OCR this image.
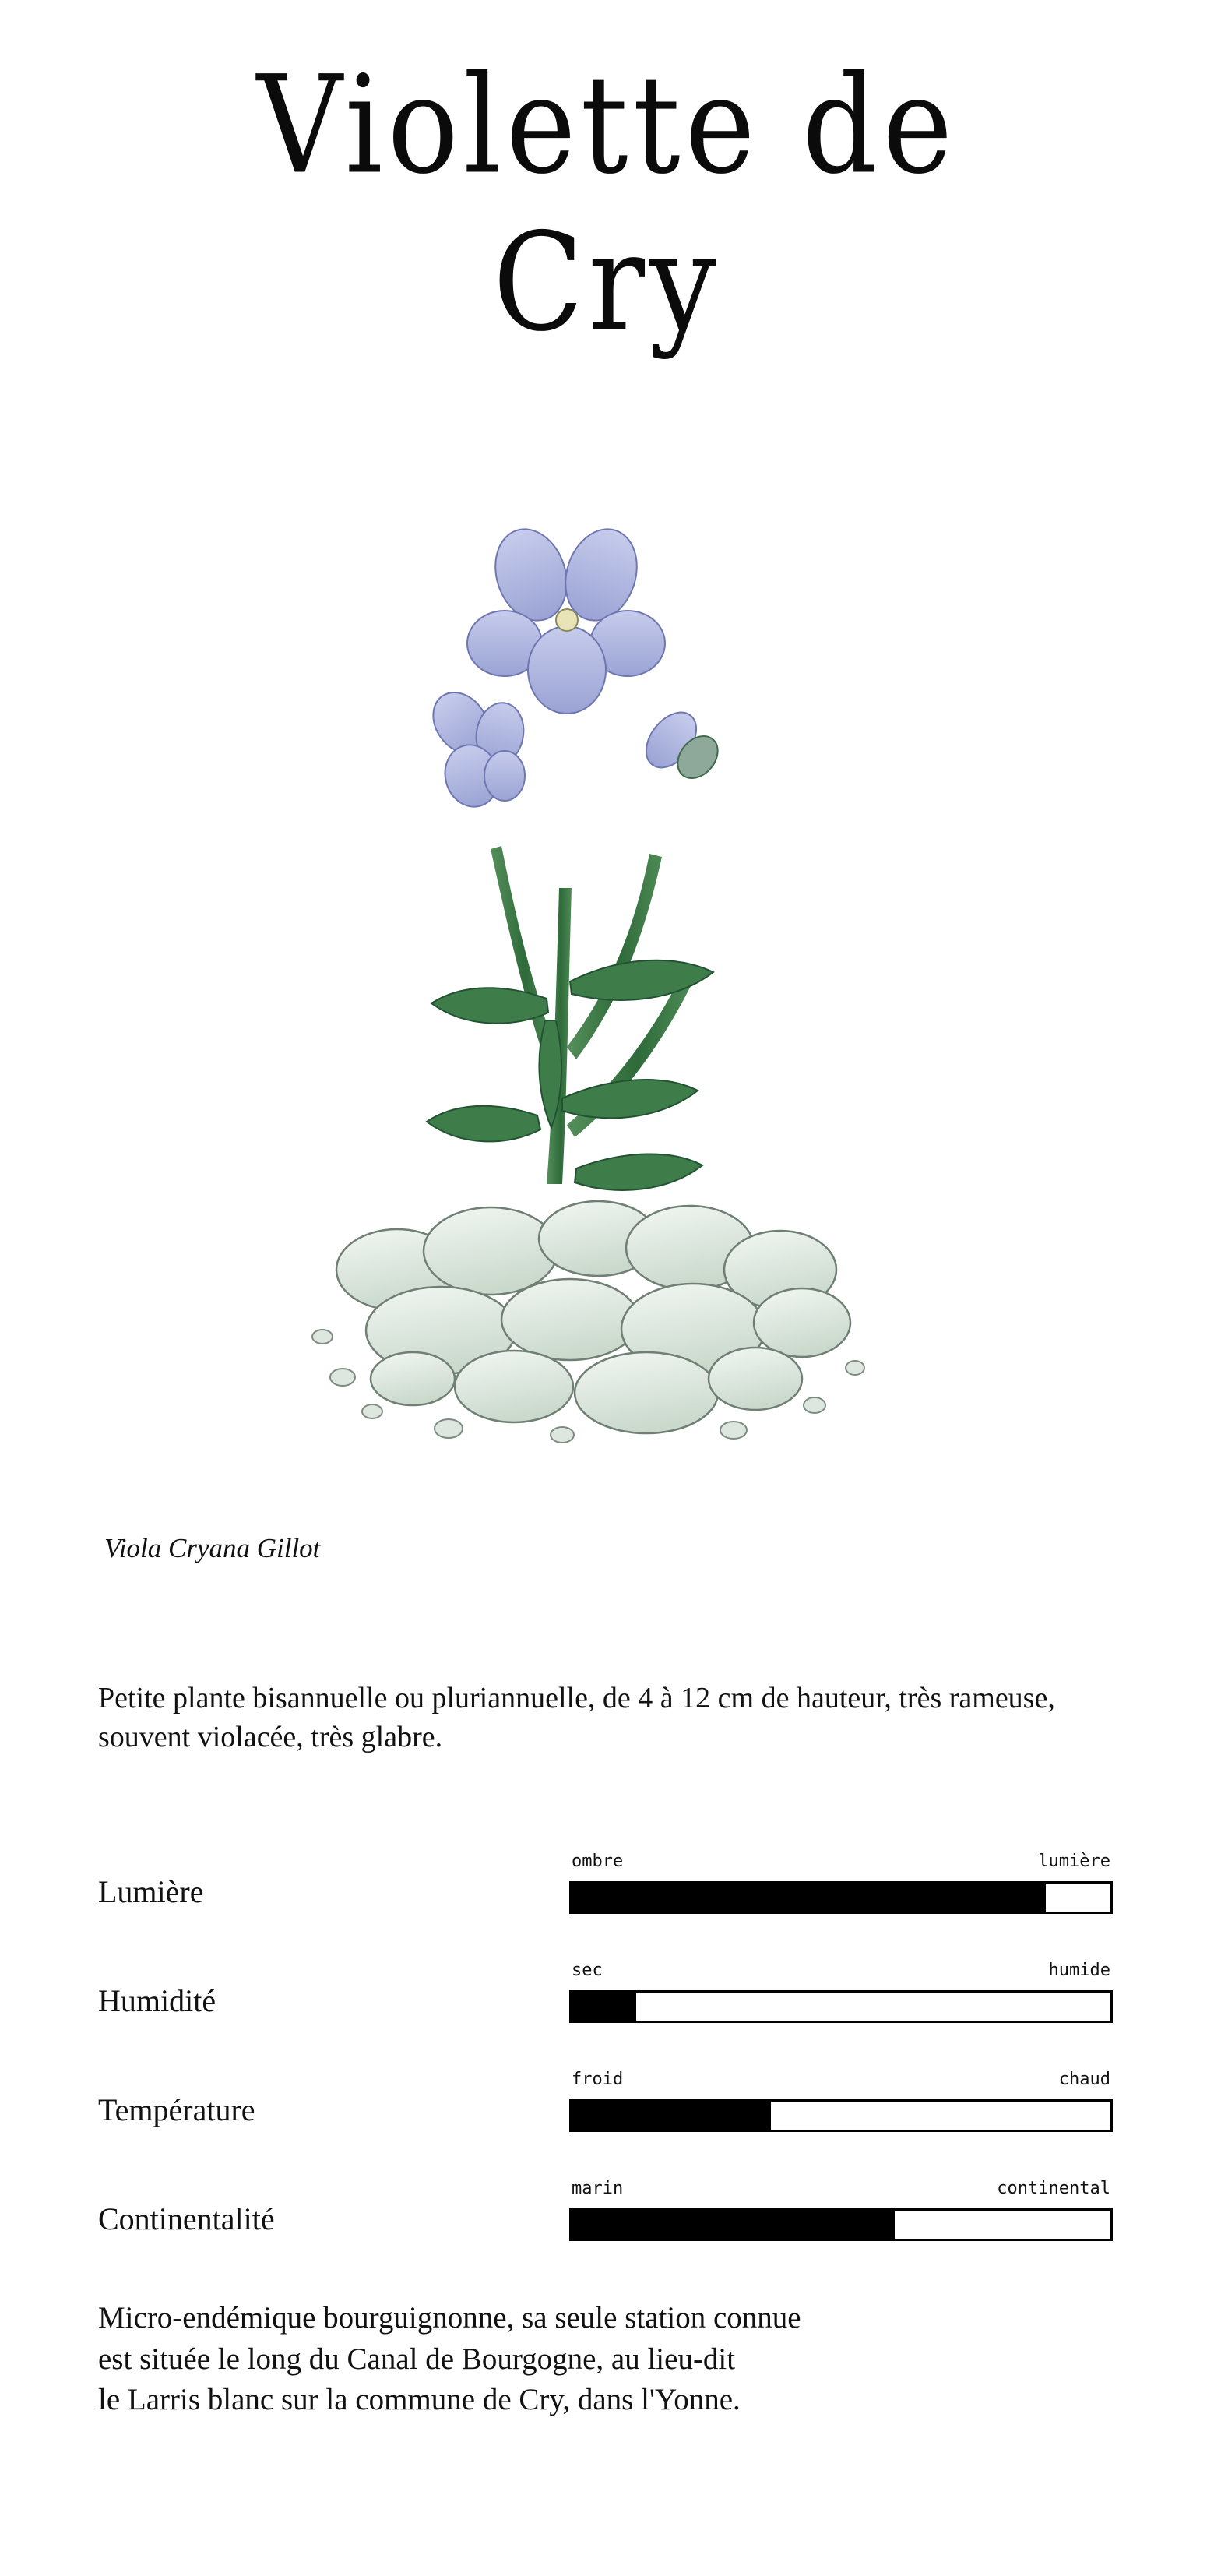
Violette de
Cry
Viola Cryana Gillot
Petite plante bisannuelle ou pluriannuelle, de 4 à 12 cm de hauteur, très rameuse, souvent violacée, très glabre.
Lumière
ombre	lumière
Humidité
sec	humide
Température
froid	chaud
Continentalité
marin	continental
Micro-endémique bourguignonne, sa seule station connue
est située le long du Canal de Bourgogne, au lieu-dit
le Larris blanc sur la commune de Cry, dans l'Yonne.
